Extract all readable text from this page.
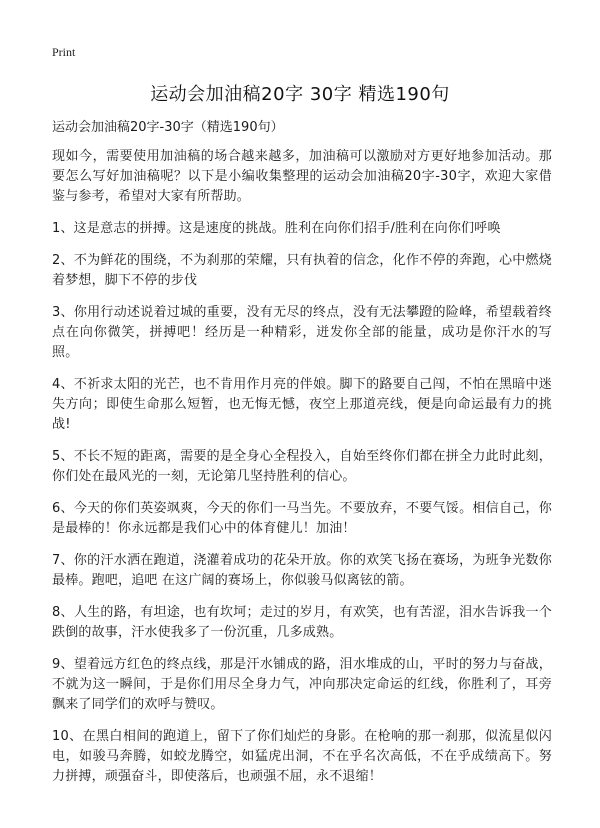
Print
运动会加油稿20字 30字 精选190句

运动会加油稿20字-30字（精选190句）

现如今，需要使用加油稿的场合越来越多，加油稿可以激励对方更好地参加活动。那要怎么写好加油稿呢？以下是小编收集整理的运动会加油稿20字-30字，欢迎大家借鉴与参考，希望对大家有所帮助。

1、这是意志的拼搏。这是速度的挑战。胜利在向你们招手/胜利在向你们呼唤

2、不为鲜花的围绕，不为刹那的荣耀，只有执着的信念，化作不停的奔跑，心中燃烧着梦想，脚下不停的步伐

3、你用行动述说着过城的重要，没有无尽的终点，没有无法攀蹬的险峰，希望载着终点在向你微笑，拼搏吧！经历是一种精彩，迸发你全部的能量，成功是你汗水的写照。

4、不祈求太阳的光芒，也不肯用作月亮的伴娘。脚下的路要自己闯，不怕在黑暗中迷失方向；即使生命那么短暂，也无悔无憾，夜空上那道亮线，便是向命运最有力的挑战!

5、不长不短的距离，需要的是全身心全程投入，自始至终你们都在拼全力此时此刻，你们处在最风光的一刻，无论第几坚持胜利的信心。

6、今天的你们英姿飒爽，今天的你们一马当先。不要放弃，不要气馁。相信自己，你是最棒的！你永远都是我们心中的体育健儿！加油！

7、你的汗水洒在跑道，浇灌着成功的花朵开放。你的欢笑飞扬在赛场，为班争光数你最棒。跑吧，追吧 在这广阔的赛场上，你似骏马似离铉的箭。

8、人生的路，有坦途，也有坎坷；走过的岁月，有欢笑，也有苦涩，泪水告诉我一个跌倒的故事，汗水使我多了一份沉重，几多成熟。

9、望着远方红色的终点线，那是汗水铺成的路，泪水堆成的山，平时的努力与奋战，不就为这一瞬间，于是你们用尽全身力气，冲向那决定命运的红线，你胜利了，耳旁飘来了同学们的欢呼与赞叹。

10、在黑白相间的跑道上，留下了你们灿烂的身影。在枪响的那一刹那，似流星似闪电，如骏马奔腾，如蛟龙腾空，如猛虎出洞，不在乎名次高低，不在乎成绩高下。努力拼搏，顽强奋斗，即使落后，也顽强不屈，永不退缩！
